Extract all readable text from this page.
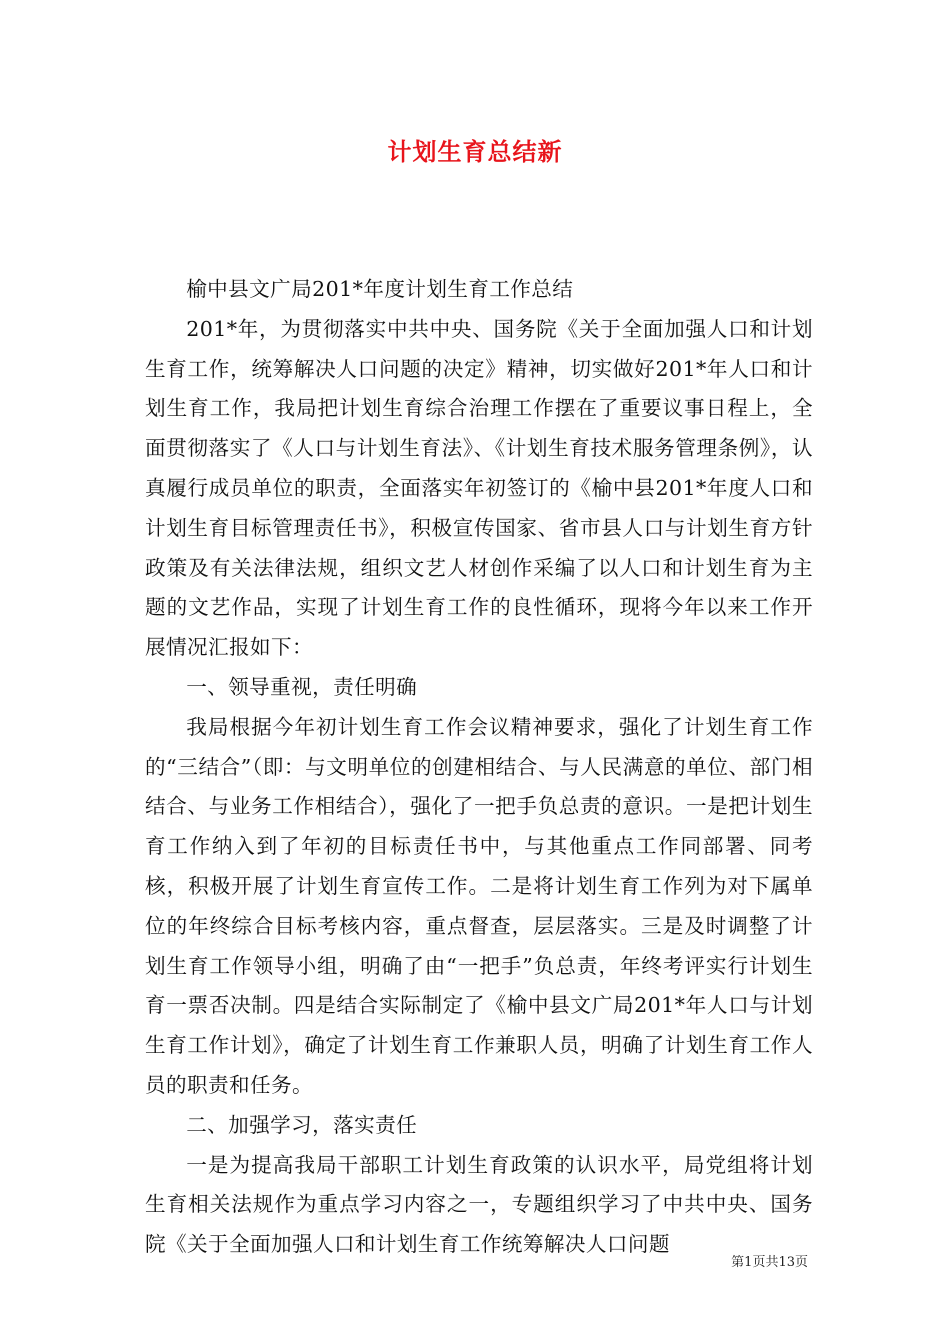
计划生育总结新

榆中县文广局201*年度计划生育工作总结

201*年，为贯彻落实中共中央、国务院《关于全面加强人口和计划生育工作，统筹解决人口问题的决定》精神，切实做好201*年人口和计划生育工作，我局把计划生育综合治理工作摆在了重要议事日程上，全面贯彻落实了《人口与计划生育法》、《计划生育技术服务管理条例》，认真履行成员单位的职责，全面落实年初签订的《榆中县201*年度人口和计划生育目标管理责任书》，积极宣传国家、省市县人口与计划生育方针政策及有关法律法规，组织文艺人材创作采编了以人口和计划生育为主题的文艺作品，实现了计划生育工作的良性循环，现将今年以来工作开展情况汇报如下：

一、领导重视，责任明确

我局根据今年初计划生育工作会议精神要求，强化了计划生育工作的“三结合”（即：与文明单位的创建相结合、与人民满意的单位、部门相结合、与业务工作相结合），强化了一把手负总责的意识。一是把计划生育工作纳入到了年初的目标责任书中，与其他重点工作同部署、同考核，积极开展了计划生育宣传工作。二是将计划生育工作列为对下属单位的年终综合目标考核内容，重点督查，层层落实。三是及时调整了计划生育工作领导小组，明确了由“一把手”负总责，年终考评实行计划生育一票否决制。四是结合实际制定了《榆中县文广局201*年人口与计划生育工作计划》，确定了计划生育工作兼职人员，明确了计划生育工作人员的职责和任务。

二、加强学习，落实责任

一是为提高我局干部职工计划生育政策的认识水平，局党组将计划生育相关法规作为重点学习内容之一，专题组织学习了中共中央、国务院《关于全面加强人口和计划生育工作统筹解决人口问题

第1页共13页
